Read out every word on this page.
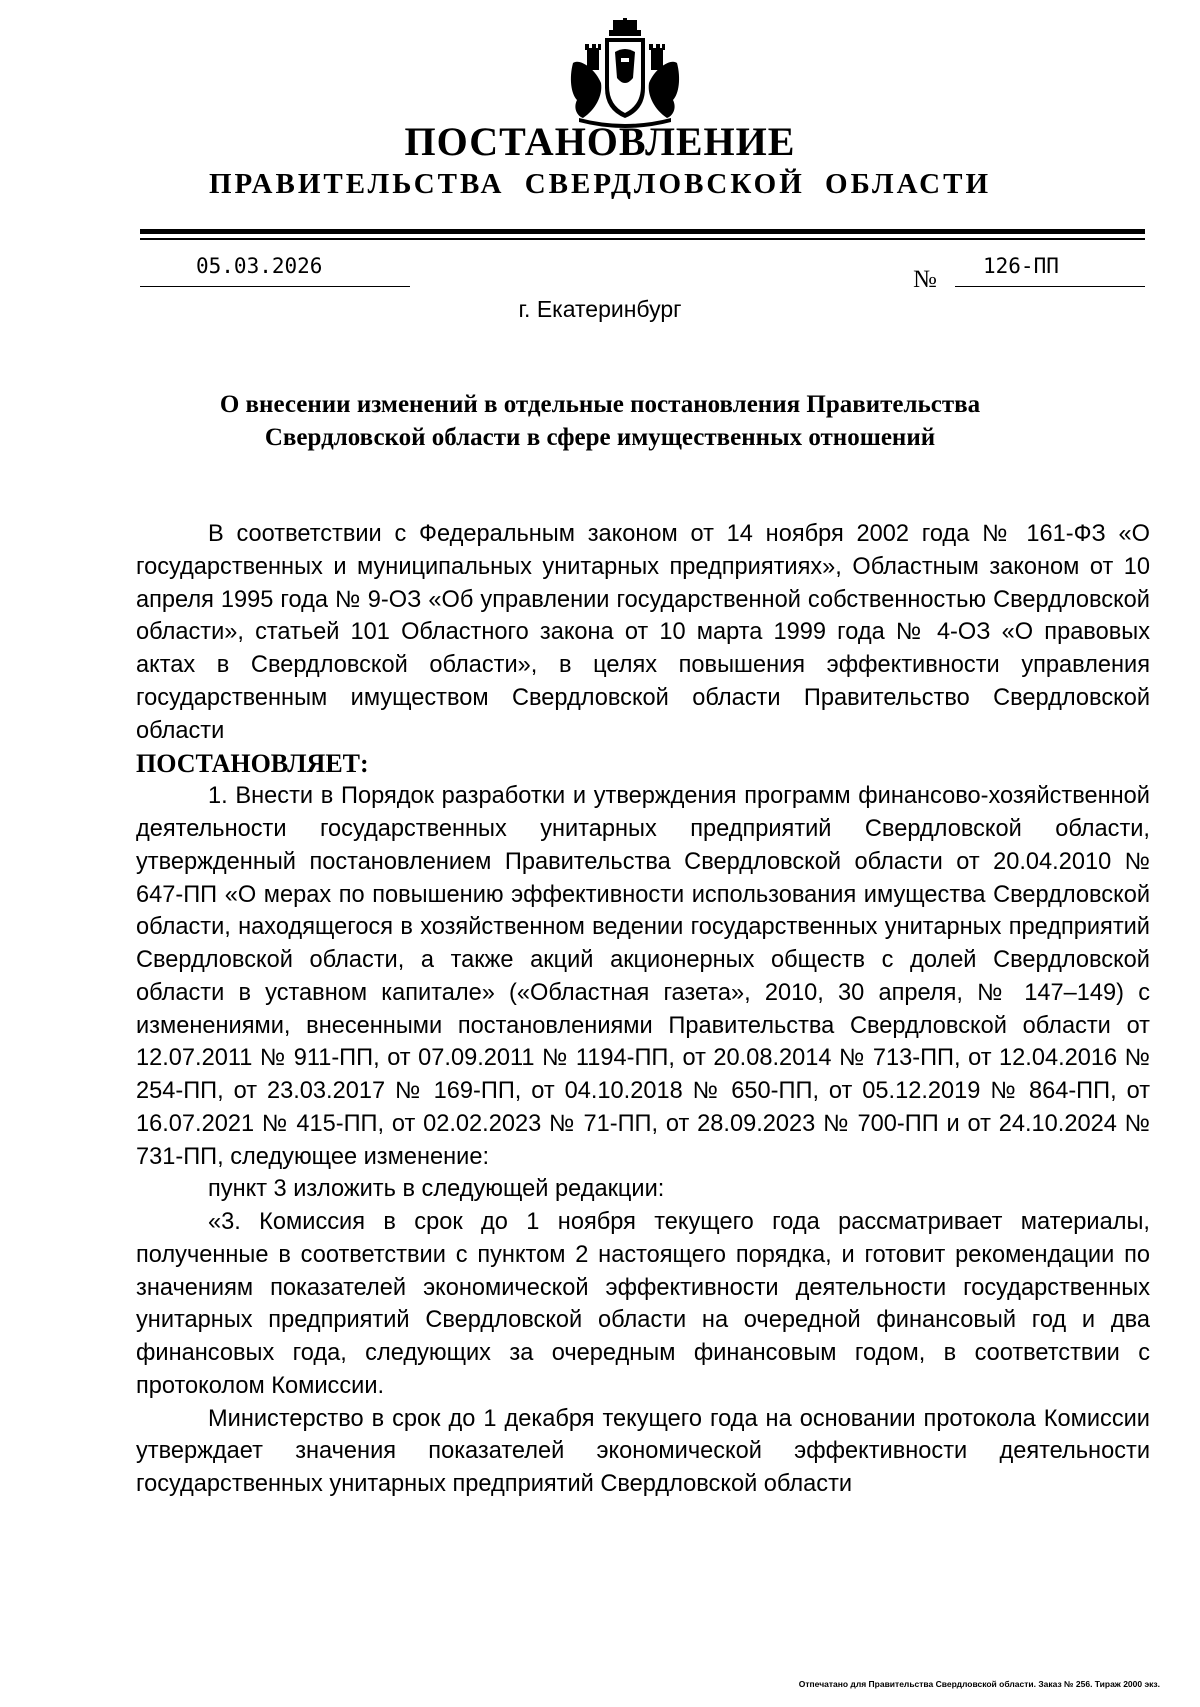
ПОСТАНОВЛЕНИЕ
ПРАВИТЕЛЬСТВА СВЕРДЛОВСКОЙ ОБЛАСТИ
05.03.2026	№ 126-ПП
г. Екатеринбург
О внесении изменений в отдельные постановления Правительства Свердловской области в сфере имущественных отношений

В соответствии с Федеральным законом от 14 ноября 2002 года № 161-ФЗ «О государственных и муниципальных унитарных предприятиях», Областным законом от 10 апреля 1995 года № 9-ОЗ «Об управлении государственной собственностью Свердловской области», статьей 101 Областного закона от 10 марта 1999 года № 4-ОЗ «О правовых актах в Свердловской области», в целях повышения эффективности управления государственным имуществом Свердловской области Правительство Свердловской области

ПОСТАНОВЛЯЕТ:

1. Внести в Порядок разработки и утверждения программ финансово-хозяйственной деятельности государственных унитарных предприятий Свердловской области, утвержденный постановлением Правительства Свердловской области от 20.04.2010 № 647-ПП «О мерах по повышению эффективности использования имущества Свердловской области, находящегося в хозяйственном ведении государственных унитарных предприятий Свердловской области, а также акций акционерных обществ с долей Свердловской области в уставном капитале» («Областная газета», 2010, 30 апреля, № 147–149) с изменениями, внесенными постановлениями Правительства Свердловской области от 12.07.2011 № 911-ПП, от 07.09.2011 № 1194-ПП, от 20.08.2014 № 713-ПП, от 12.04.2016 № 254-ПП, от 23.03.2017 № 169-ПП, от 04.10.2018 № 650-ПП, от 05.12.2019 № 864-ПП, от 16.07.2021 № 415-ПП, от 02.02.2023 № 71-ПП, от 28.09.2023 № 700-ПП и от 24.10.2024 № 731-ПП, следующее изменение:

пункт 3 изложить в следующей редакции:

«3. Комиссия в срок до 1 ноября текущего года рассматривает материалы, полученные в соответствии с пунктом 2 настоящего порядка, и готовит рекомендации по значениям показателей экономической эффективности деятельности государственных унитарных предприятий Свердловской области на очередной финансовый год и два финансовых года, следующих за очередным финансовым годом, в соответствии с протоколом Комиссии.

Министерство в срок до 1 декабря текущего года на основании протокола Комиссии утверждает значения показателей экономической эффективности деятельности государственных унитарных предприятий Свердловской области

Отпечатано для Правительства Свердловской области. Заказ № 256. Тираж 2000 экз.
